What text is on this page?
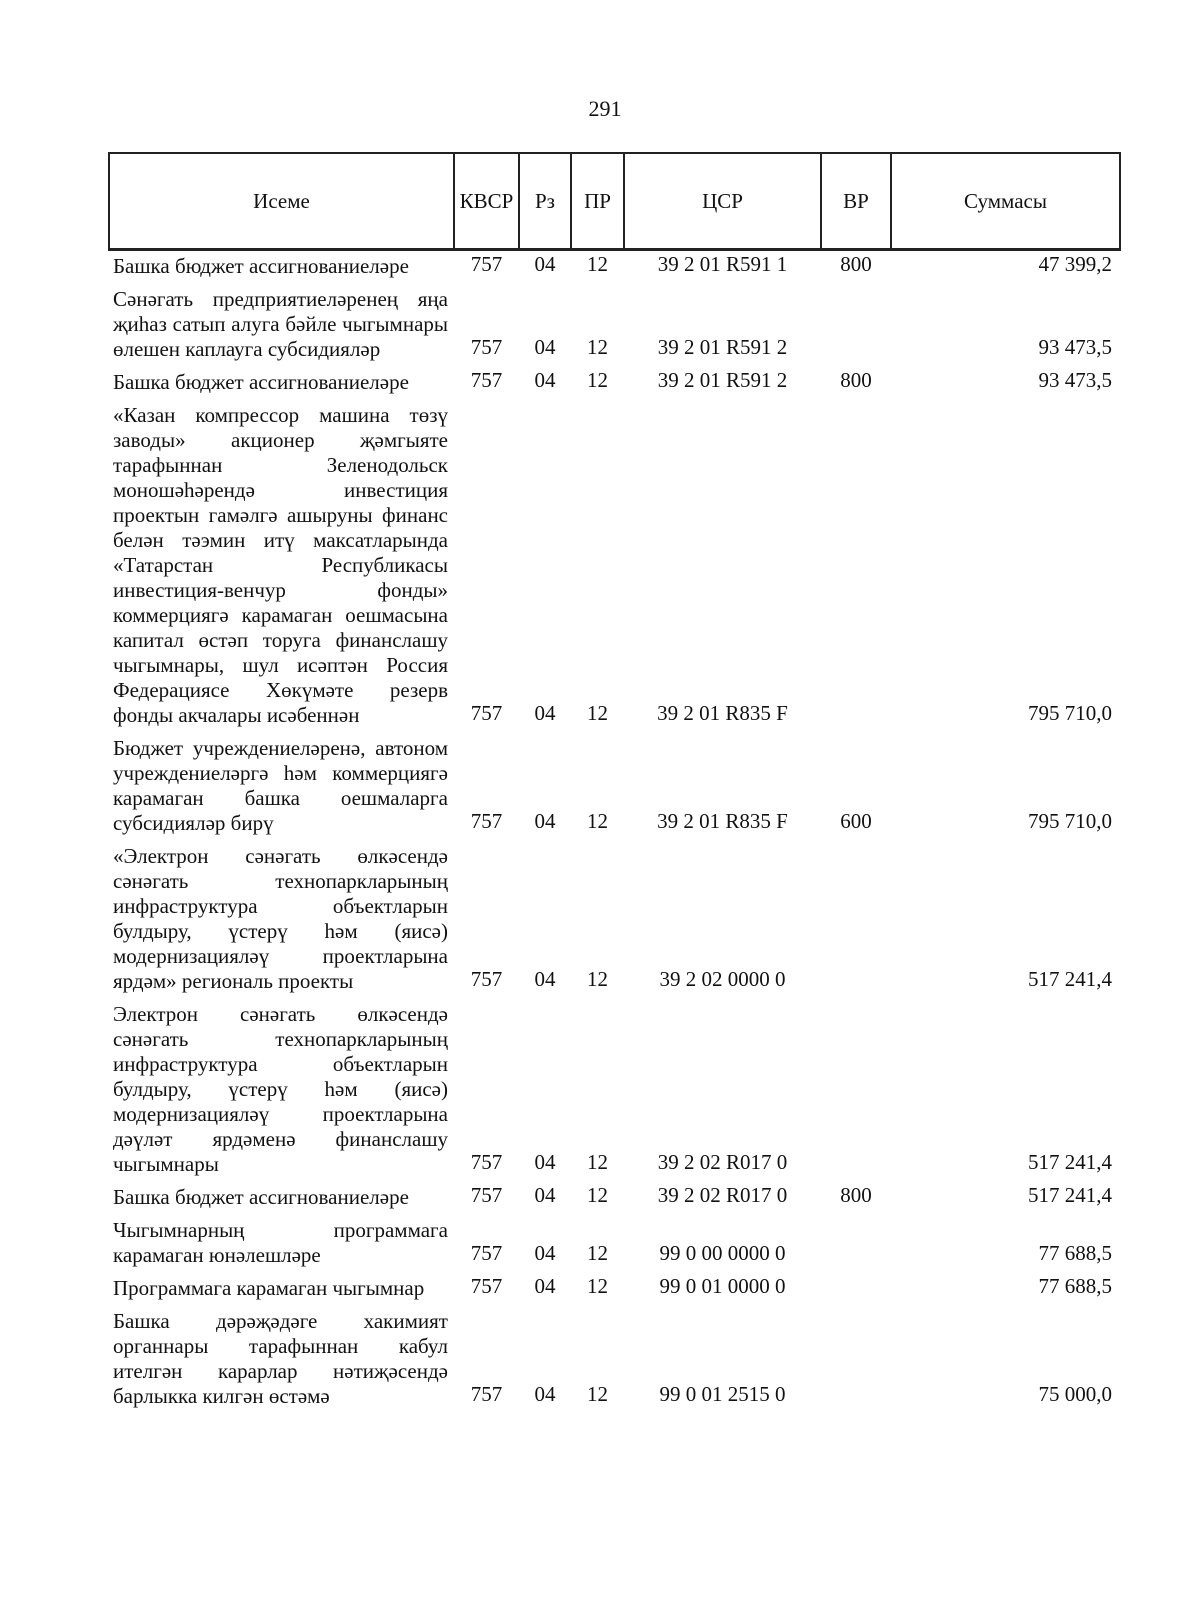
291
Исеме	КВСР	Рз	ПР	ЦСР	ВР	Суммасы
Башка бюджет ассигнованиеләре	757	04	12	39 2 01 R591 1	800	47 399,2
Сәнәгать предприятиеләренең яңа җиһаз сатып алуга бәйле чыгымнары өлешен каплауга субсидияләр	757	04	12	39 2 01 R591 2		93 473,5
Башка бюджет ассигнованиеләре	757	04	12	39 2 01 R591 2	800	93 473,5
«Казан компрессор машина төзү заводы» акционер җәмгыяте тарафыннан Зеленодольск моношәһәрендә инвестиция проектын гамәлгә ашыруны финанс белән тәэмин итү максатларында «Татарстан Республикасы инвестиция-венчур фонды» коммерциягә карамаган оешмасына капитал өстәп торуга финанслашу чыгымнары, шул исәптән Россия Федерациясе Хөкүмәте резерв фонды акчалары исәбеннән	757	04	12	39 2 01 R835 F		795 710,0
Бюджет учреждениеләренә, автоном учреждениеләргә һәм коммерциягә карамаган башка оешмаларга субсидияләр бирү	757	04	12	39 2 01 R835 F	600	795 710,0
«Электрон сәнәгать өлкәсендә сәнәгать технопаркларының инфраструктура объектларын булдыру, үстерү һәм (яисә) модернизацияләү проектларына ярдәм» региональ проекты	757	04	12	39 2 02 0000 0		517 241,4
Электрон сәнәгать өлкәсендә сәнәгать технопаркларының инфраструктура объектларын булдыру, үстерү һәм (яисә) модернизацияләү проектларына дәүләт ярдәменә финанслашу чыгымнары	757	04	12	39 2 02 R017 0		517 241,4
Башка бюджет ассигнованиеләре	757	04	12	39 2 02 R017 0	800	517 241,4
Чыгымнарның программага карамаган юнәлешләре	757	04	12	99 0 00 0000 0		77 688,5
Программага карамаган чыгымнар	757	04	12	99 0 01 0000 0		77 688,5
Башка дәрәҗәдәге хакимият органнары тарафыннан кабул ителгән карарлар нәтиҗәсендә барлыкка килгән өстәмә	757	04	12	99 0 01 2515 0		75 000,0
